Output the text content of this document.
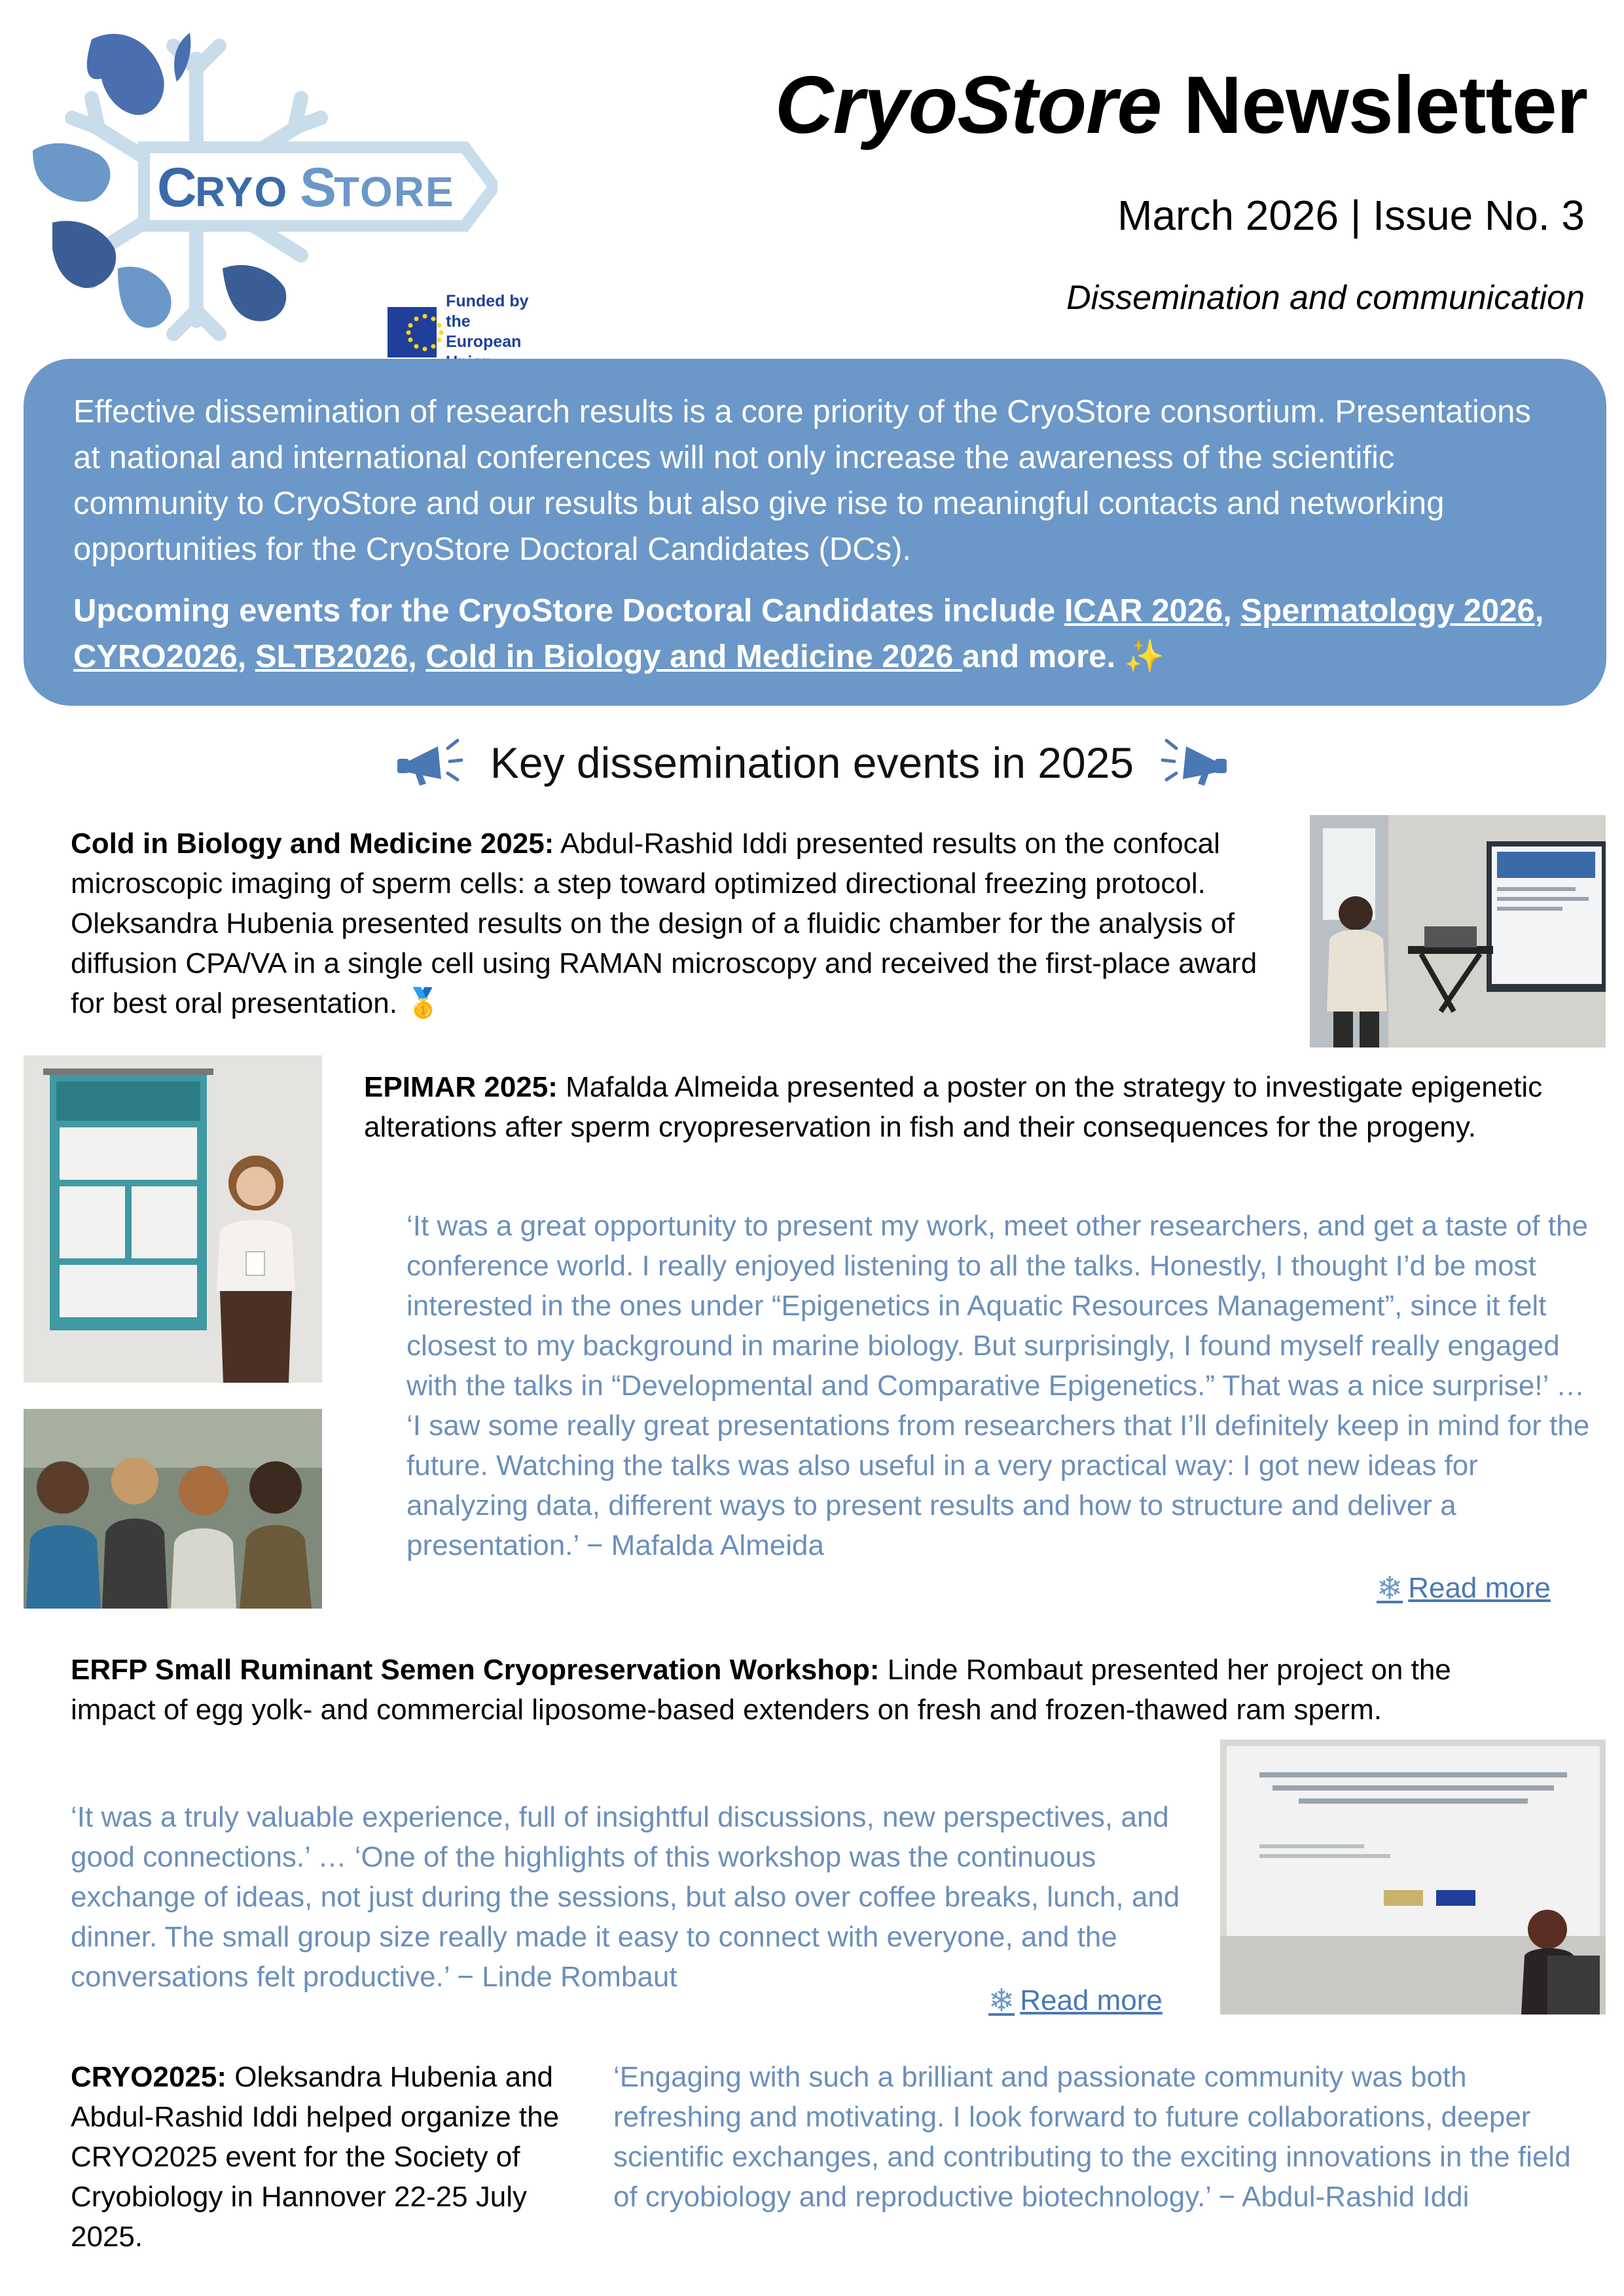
C
RYO S
TORE
Funded by
the European
CryoStore Newsletter
March 2026 | Issue No. 3
Dissemination and communication

Effective dissemination of research results is a core priority of the CryoStore consortium. Presentations at national and international conferences will not only increase the awareness of the scientific community to CryoStore and our results but also give rise to meaningful contacts and networking opportunities for the CryoStore Doctoral Candidates (DCs).

Upcoming events for the CryoStore Doctoral Candidates include ICAR 2026, Spermatology 2026, CYRO2026, SLTB2026, Cold in Biology and Medicine 2026 and more. ✨

Key dissemination events in 2025
Cold in Biology and Medicine 2025: Abdul-Rashid Iddi presented results on the confocal microscopic imaging of sperm cells: a step toward optimized directional freezing protocol. Oleksandra Hubenia presented results on the design of a fluidic chamber for the analysis of diffusion CPA/VA in a single cell using RAMAN microscopy and received the first-place award for best oral presentation. 🥇
EPIMAR 2025: Mafalda Almeida presented a poster on the strategy to investigate epigenetic alterations after sperm cryopreservation in fish and their consequences for the progeny.
‘It was a great opportunity to present my work, meet other researchers, and get a taste of the conference world. I really enjoyed listening to all the talks. Honestly, I thought I’d be most interested in the ones under “Epigenetics in Aquatic Resources Management”, since it felt closest to my background in marine biology. But surprisingly, I found myself really engaged with the talks in “Developmental and Comparative Epigenetics.” That was a nice surprise!’ … ‘I saw some really great presentations from researchers that I’ll definitely keep in mind for the future. Watching the talks was also useful in a very practical way: I got new ideas for analyzing data, different ways to present results and how to structure and deliver a presentation.’ − Mafalda Almeida
❄ Read more
ERFP Small Ruminant Semen Cryopreservation Workshop: Linde Rombaut presented her project on the impact of egg yolk- and commercial liposome-based extenders on fresh and frozen-thawed ram sperm.
‘It was a truly valuable experience, full of insightful discussions, new perspectives, and good connections.’ … ‘One of the highlights of this workshop was the continuous exchange of ideas, not just during the sessions, but also over coffee breaks, lunch, and dinner. The small group size really made it easy to connect with everyone, and the conversations felt productive.’ − Linde Rombaut
❄ Read more
CRYO2025: Oleksandra Hubenia and Abdul-Rashid Iddi helped organize the CRYO2025 event for the Society of Cryobiology in Hannover 22-25 July 2025.
‘Engaging with such a brilliant and passionate community was both refreshing and motivating. I look forward to future collaborations, deeper scientific exchanges, and contributing to the exciting innovations in the field of cryobiology and reproductive biotechnology.’ − Abdul-Rashid Iddi
